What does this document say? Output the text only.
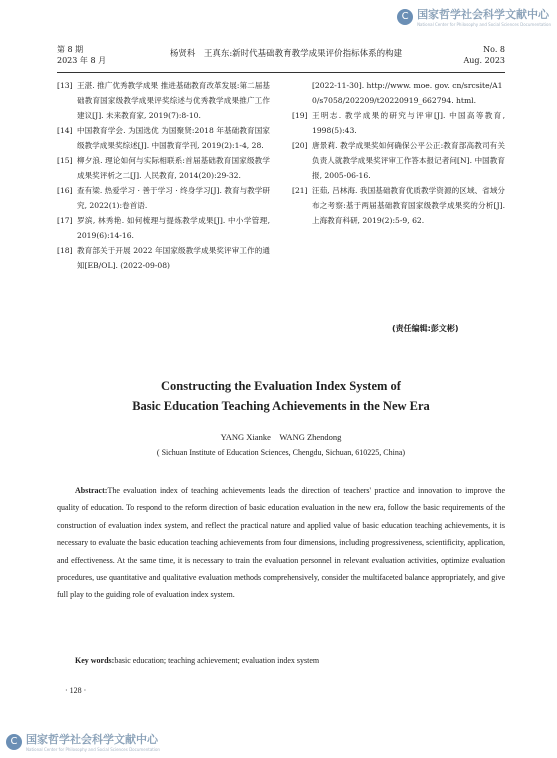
C 国家哲学社会科学文献中心
National Center for Philosophy and Social Sciences Documentation
C 国家哲学社会科学文献中心
National Center for Philosophy and Social Sciences Documentation
第 8 期
2023 年 8 月
杨贤科　王真东:新时代基础教育教学成果评价指标体系的构建	No. 8
Aug. 2023
[13] 王湛. 推广优秀教学成果 推进基础教育改革发展:第二届基础教育国家级教学成果评奖综述与优秀教学成果推广工作建议[J]. 未来教育家, 2019(7):8-10.
[14] 中国教育学会. 为国选优 为国聚贤:2018 年基础教育国家级教学成果奖综述[J]. 中国教育学刊, 2019(2):1-4, 28.
[15] 柳夕浪. 理论如何与实际相联系:首届基础教育国家级教学成果奖评析之二[J]. 人民教育, 2014(20):29-32.
[16] 查有梁. 热爱学习 · 善于学习 · 终身学习[J]. 教育与教学研究, 2022(1):卷首语.
[17] 罗滨, 林秀艳. 如何梳理与提炼教学成果[J]. 中小学管理, 2019(6):14-16.
[18] 教育部关于开展 2022 年国家级教学成果奖评审工作的通知[EB/OL]. (2022-09-08)
[2022-11-30]. http://www. moe. gov. cn/srcsite/A10/s7058/202209/t20220919_662794. html.
[19] 王明志. 教学成果的研究与评审[J]. 中国高等教育, 1998(5):43.
[20] 唐景莉. 教学成果奖如何确保公平公正:教育部高教司有关负责人就教学成果奖评审工作答本报记者问[N]. 中国教育报, 2005-06-16.
[21] 汪茹, 吕林海. 我国基础教育优质教学资源的区域、省域分布之考察:基于两届基础教育国家级教学成果奖的分析[J]. 上海教育科研, 2019(2):5-9, 62.
(责任编辑:彭文彬)
Constructing the Evaluation Index System of
Basic Education Teaching Achievements in the New Era
YANG Xianke　WANG Zhendong
( Sichuan Institute of Education Sciences, Chengdu, Sichuan, 610225, China)
Abstract:The evaluation index of teaching achievements leads the direction of teachers' practice and innovation to improve the quality of education. To respond to the reform direction of basic education evaluation in the new era, follow the basic requirements of the construction of evaluation index system, and reflect the practical nature and applied value of basic education teaching achievements, it is necessary to evaluate the basic education teaching achievements from four dimensions, including progressiveness, scientificity, application, and effectiveness. At the same time, it is necessary to train the evaluation personnel in relevant evaluation activities, optimize evaluation procedures, use quantitative and qualitative evaluation methods comprehensively, consider the multifaceted balance appropriately, and give full play to the guiding role of evaluation index system.
Key words:basic education; teaching achievement; evaluation index system
· 128 ·
